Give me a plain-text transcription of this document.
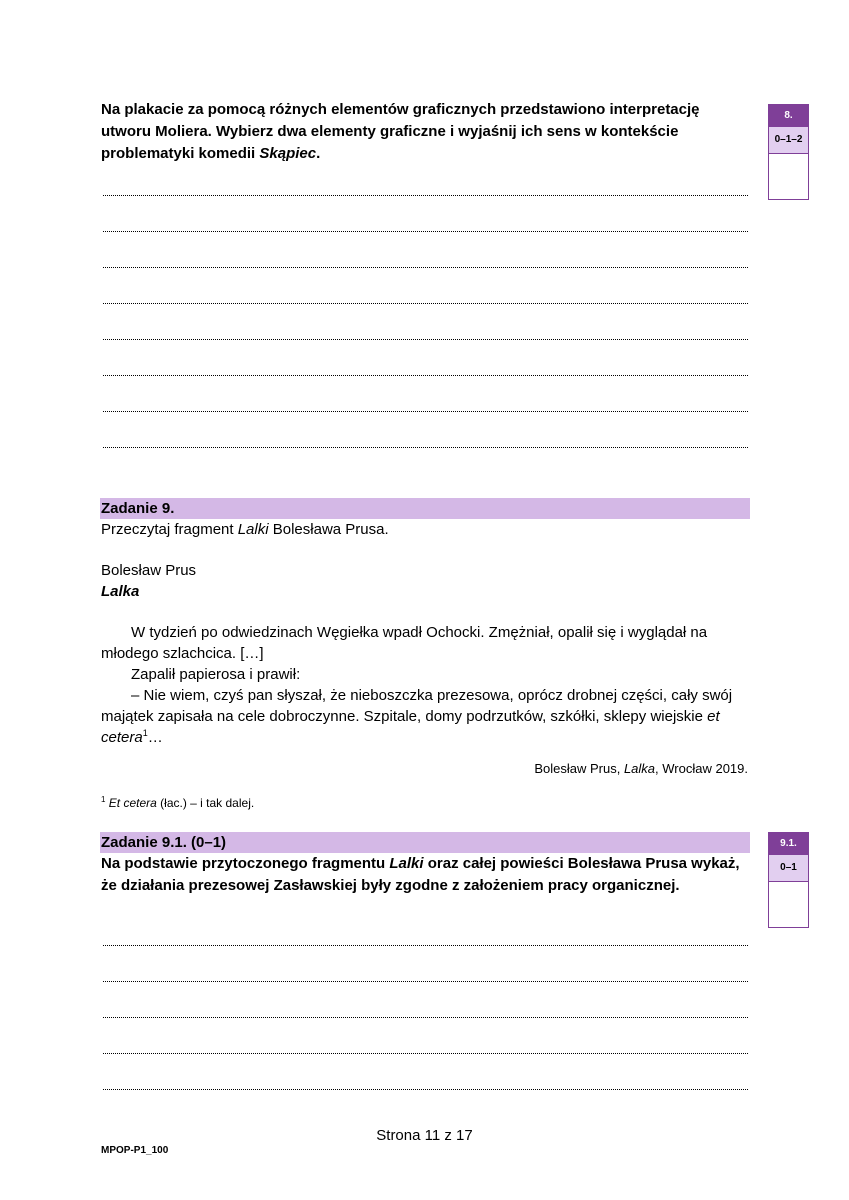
Na plakacie za pomocą różnych elementów graficznych przedstawiono interpretację utworu Moliera. Wybierz dwa elementy graficzne i wyjaśnij ich sens w kontekście problematyki komedii Skąpiec.
8.
0–1–2
Zadanie 9.
Przeczytaj fragment Lalki Bolesława Prusa.
Bolesław Prus
Lalka
W tydzień po odwiedzinach Węgiełka wpadł Ochocki. Zmężniał, opalił się i wyglądał na młodego szlachcica. […]
Zapalił papierosa i prawił:
– Nie wiem, czyś pan słyszał, że nieboszczka prezesowa, oprócz drobnej części, cały swój majątek zapisała na cele dobroczynne. Szpitale, domy podrzutków, szkółki, sklepy wiejskie et cetera$^1$…
Bolesław Prus, Lalka, Wrocław 2019.
$^1$ Et cetera (łac.) – i tak dalej.
Zadanie 9.1. (0–1)	9.1.
0–1
Na podstawie przytoczonego fragmentu Lalki oraz całej powieści Bolesława Prusa wykaż, że działania prezesowej Zasławskiej były zgodne z założeniem pracy organicznej.
Strona 11 z 17
MPOP-P1_100
